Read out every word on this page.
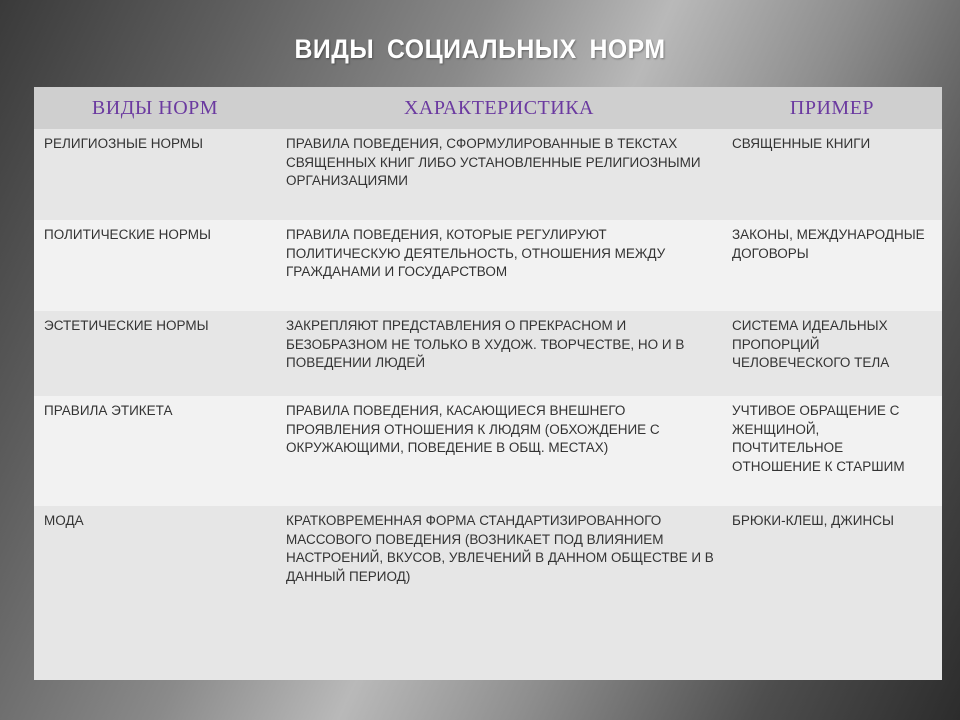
ВИДЫ СОЦИАЛЬНЫХ НОРМ
ВИДЫ НОРМ	ХАРАКТЕРИСТИКА	ПРИМЕР
РЕЛИГИОЗНЫЕ НОРМЫ	ПРАВИЛА ПОВЕДЕНИЯ, СФОРМУЛИРОВАННЫЕ В ТЕКСТАХ СВЯЩЕННЫХ КНИГ ЛИБО УСТАНОВЛЕННЫЕ РЕЛИГИОЗНЫМИ ОРГАНИЗАЦИЯМИ	СВЯЩЕННЫЕ КНИГИ
ПОЛИТИЧЕСКИЕ НОРМЫ	ПРАВИЛА ПОВЕДЕНИЯ, КОТОРЫЕ РЕГУЛИРУЮТ ПОЛИТИЧЕСКУЮ ДЕЯТЕЛЬНОСТЬ, ОТНОШЕНИЯ МЕЖДУ ГРАЖДАНАМИ И ГОСУДАРСТВОМ	ЗАКОНЫ, МЕЖДУНАРОДНЫЕ ДОГОВОРЫ
ЭСТЕТИЧЕСКИЕ НОРМЫ	ЗАКРЕПЛЯЮТ ПРЕДСТАВЛЕНИЯ О ПРЕКРАСНОМ И БЕЗОБРАЗНОМ НЕ ТОЛЬКО В ХУДОЖ. ТВОРЧЕСТВЕ, НО И В ПОВЕДЕНИИ ЛЮДЕЙ	СИСТЕМА ИДЕАЛЬНЫХ ПРОПОРЦИЙ ЧЕЛОВЕЧЕСКОГО ТЕЛА
ПРАВИЛА ЭТИКЕТА	ПРАВИЛА ПОВЕДЕНИЯ, КАСАЮЩИЕСЯ ВНЕШНЕГО ПРОЯВЛЕНИЯ ОТНОШЕНИЯ К ЛЮДЯМ (ОБХОЖДЕНИЕ С ОКРУЖАЮЩИМИ, ПОВЕДЕНИЕ В ОБЩ. МЕСТАХ)	УЧТИВОЕ ОБРАЩЕНИЕ С ЖЕНЩИНОЙ, ПОЧТИТЕЛЬНОЕ ОТНОШЕНИЕ К СТАРШИМ
МОДА	КРАТКОВРЕМЕННАЯ ФОРМА СТАНДАРТИЗИРОВАННОГО МАССОВОГО ПОВЕДЕНИЯ (ВОЗНИКАЕТ ПОД ВЛИЯНИЕМ НАСТРОЕНИЙ, ВКУСОВ, УВЛЕЧЕНИЙ В ДАННОМ ОБЩЕСТВЕ И В ДАННЫЙ ПЕРИОД)	БРЮКИ-КЛЕШ, ДЖИНСЫ
